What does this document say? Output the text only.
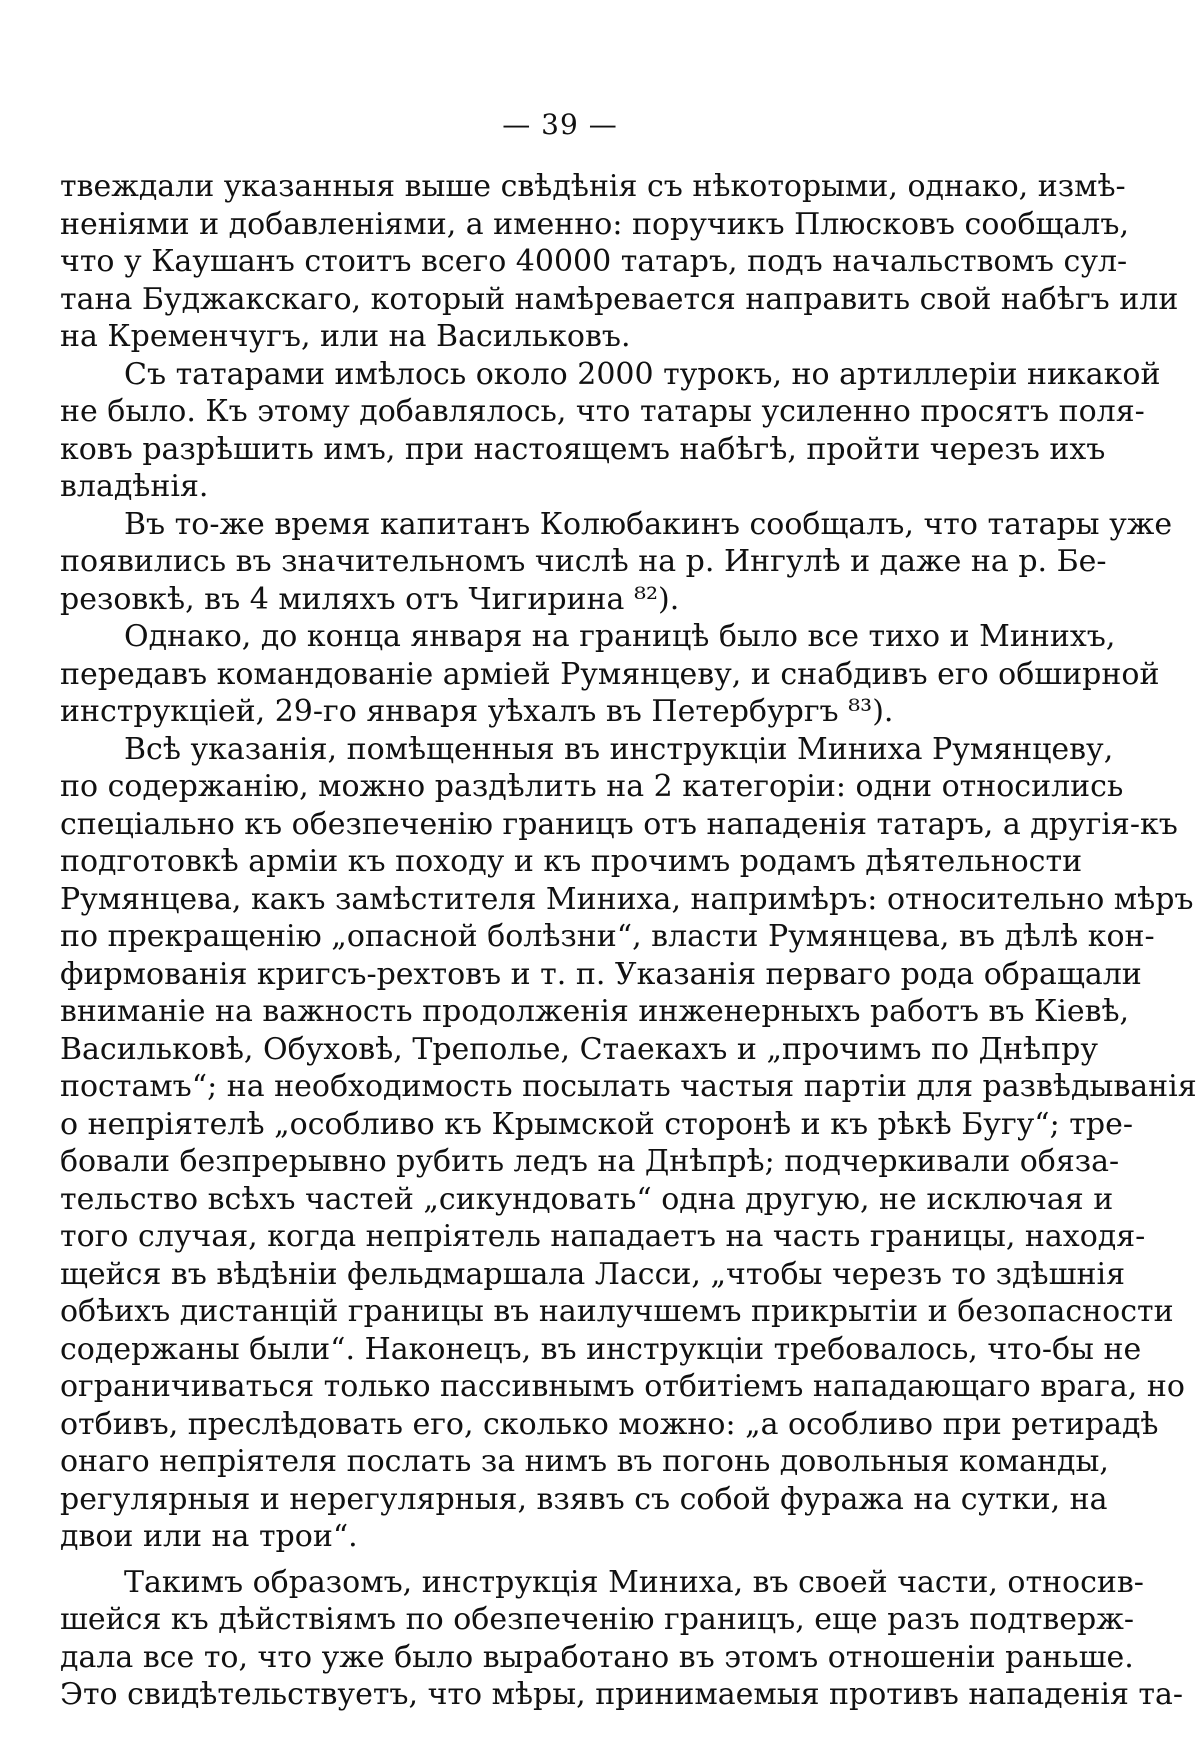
— 39 —
твеждали указанныя выше свѣдѣнія съ нѣкоторыми, однако, измѣ-
неніями и добавленіями, а именно: поручикъ Плюсковъ сообщалъ,
что у Каушанъ стоитъ всего 40000 татаръ, подъ начальствомъ сул-
тана Буджакскаго, который намѣревается направить свой набѣгъ или
на Кременчугъ, или на Васильковъ.
Съ татарами имѣлось около 2000 турокъ, но артиллеріи никакой
не было. Къ этому добавлялось, что татары усиленно просятъ поля-
ковъ разрѣшить имъ, при настоящемъ набѣгѣ, пройти черезъ ихъ
владѣнія.
Въ то-же время капитанъ Колюбакинъ сообщалъ, что татары уже
появились въ значительномъ числѣ на р. Ингулѣ и даже на р. Бе-
резовкѣ, въ 4 миляхъ отъ Чигирина ⁸²).
Однако, до конца января на границѣ было все тихо и Минихъ,
передавъ командованіе арміей Румянцеву, и снабдивъ его обширной
инструкціей, 29-го января уѣхалъ въ Петербургъ ⁸³).
Всѣ указанія, помѣщенныя въ инструкціи Миниха Румянцеву,
по содержанію, можно раздѣлить на 2 категоріи: одни относились
спеціально къ обезпеченію границъ отъ нападенія татаръ, а другія-къ
подготовкѣ арміи къ походу и къ прочимъ родамъ дѣятельности
Румянцева, какъ замѣстителя Миниха, напримѣръ: относительно мѣръ
по прекращенію „опасной болѣзни“, власти Румянцева, въ дѣлѣ кон-
фирмованія кригсъ-рехтовъ и т. п. Указанія перваго рода обращали
вниманіе на важность продолженія инженерныхъ работъ въ Кіевѣ,
Васильковѣ, Обуховѣ, Треполье, Стаекахъ и „прочимъ по Днѣпру
постамъ“; на необходимость посылать частыя партіи для развѣдыванія
о непріятелѣ „особливо къ Крымской сторонѣ и къ рѣкѣ Бугу“; тре-
бовали безпрерывно рубить ледъ на Днѣпрѣ; подчеркивали обяза-
тельство всѣхъ частей „сикундовать“ одна другую, не исключая и
того случая, когда непріятель нападаетъ на часть границы, находя-
щейся въ вѣдѣніи фельдмаршала Ласси, „чтобы черезъ то здѣшнія
обѣихъ дистанцій границы въ наилучшемъ прикрытіи и безопасности
содержаны были“. Наконецъ, въ инструкціи требовалось, что-бы не
ограничиваться только пассивнымъ отбитіемъ нападающаго врага, но
отбивъ, преслѣдовать его, сколько можно: „а особливо при ретирадѣ
онаго непріятеля послать за нимъ въ погонь довольныя команды,
регулярныя и нерегулярныя, взявъ съ собой фуража на сутки, на
двои или на трои“.
Такимъ образомъ, инструкція Миниха, въ своей части, относив-
шейся къ дѣйствіямъ по обезпеченію границъ, еще разъ подтверж-
дала все то, что уже было выработано въ этомъ отношеніи раньше.
Это свидѣтельствуетъ, что мѣры, принимаемыя противъ нападенія та-
